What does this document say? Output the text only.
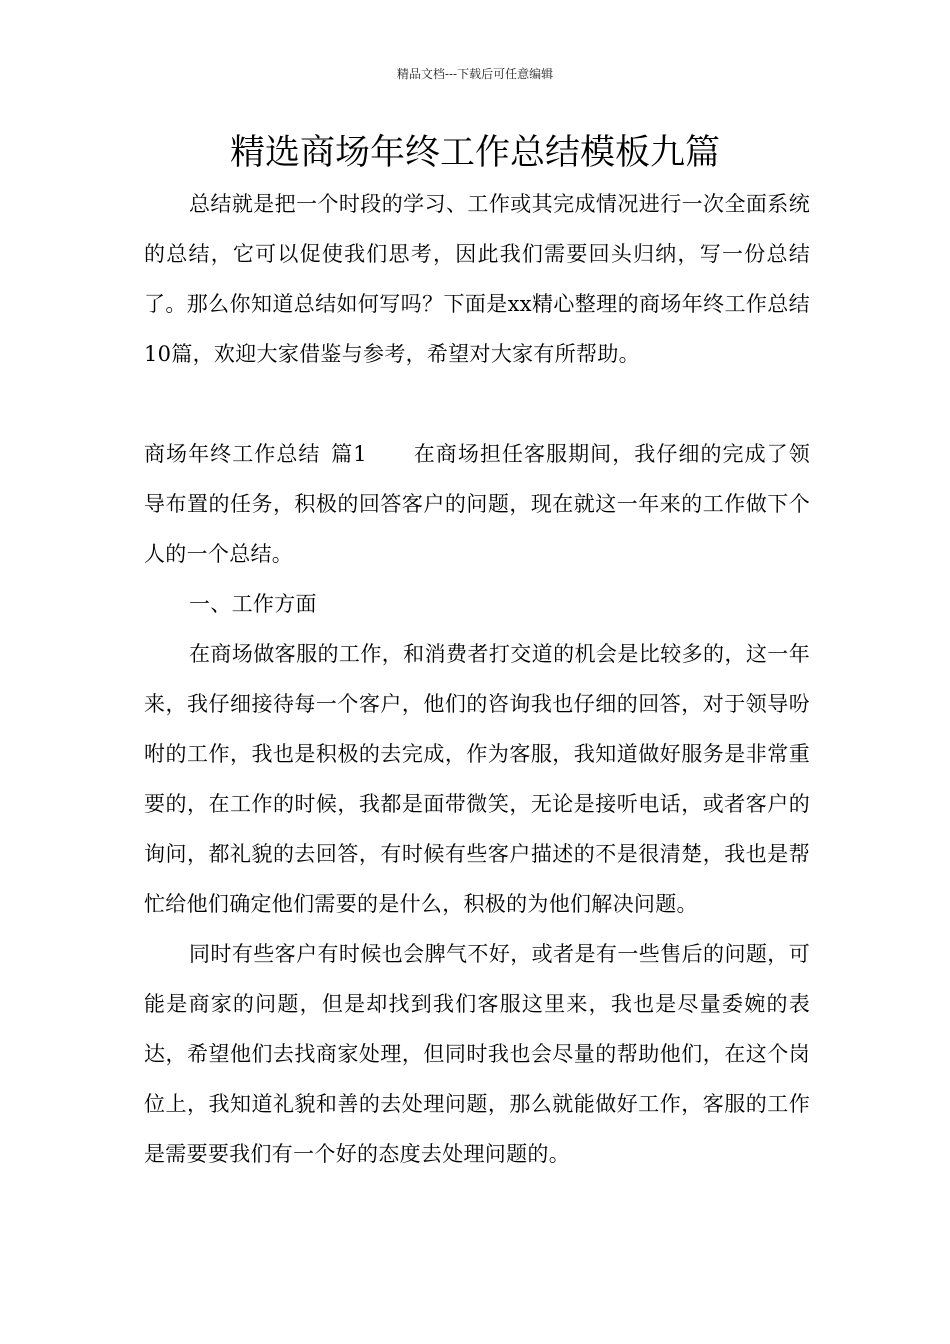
精品文档---下载后可任意编辑
精选商场年终工作总结模板九篇

总结就是把一个时段的学习、工作或其完成情况进行一次全面系统的总结，它可以促使我们思考，因此我们需要回头归纳，写一份总结了。那么你知道总结如何写吗？下面是xx精心整理的商场年终工作总结10篇，欢迎大家借鉴与参考，希望对大家有所帮助。

商场年终工作总结 篇1 在商场担任客服期间，我仔细的完成了领导布置的任务，积极的回答客户的问题，现在就这一年来的工作做下个人的一个总结。

一、工作方面

在商场做客服的工作，和消费者打交道的机会是比较多的，这一年来，我仔细接待每一个客户，他们的咨询我也仔细的回答，对于领导吩咐的工作，我也是积极的去完成，作为客服，我知道做好服务是非常重要的，在工作的时候，我都是面带微笑，无论是接听电话，或者客户的询问，都礼貌的去回答，有时候有些客户描述的不是很清楚，我也是帮忙给他们确定他们需要的是什么，积极的为他们解决问题。

同时有些客户有时候也会脾气不好，或者是有一些售后的问题，可能是商家的问题，但是却找到我们客服这里来，我也是尽量委婉的表达，希望他们去找商家处理，但同时我也会尽量的帮助他们，在这个岗位上，我知道礼貌和善的去处理问题，那么就能做好工作，客服的工作是需要要我们有一个好的态度去处理问题的。
